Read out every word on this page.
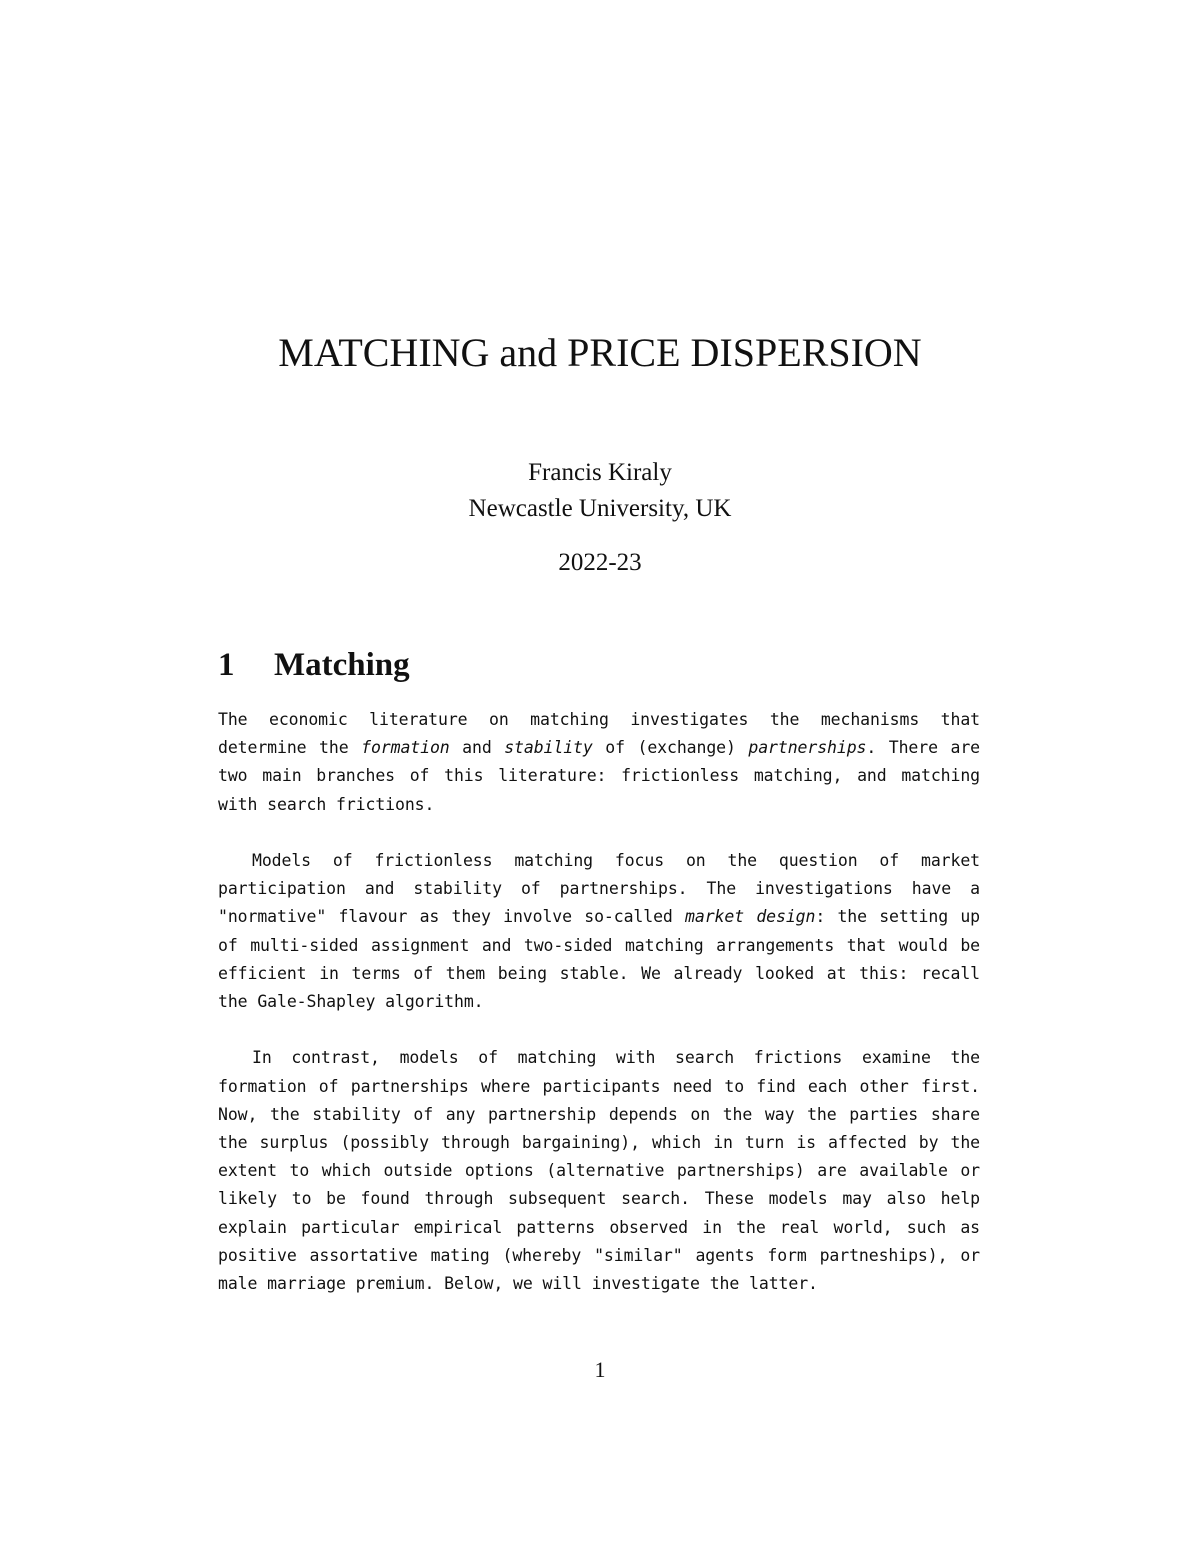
MATCHING and PRICE DISPERSION
Francis Kiraly
Newcastle University, UK
2022-23
1 Matching

The economic literature on matching investigates the mechanisms that determine the formation and stability of (exchange) partnerships. There are two main branches of this literature: frictionless matching, and matching with search frictions.

Models of frictionless matching focus on the question of market participation and stability of partnerships. The investigations have a "normative" flavour as they involve so-called market design: the setting up of multi-sided assignment and two-sided matching arrangements that would be efficient in terms of them being stable. We already looked at this: recall the Gale-Shapley algorithm.

In contrast, models of matching with search frictions examine the formation of partnerships where participants need to find each other first. Now, the stability of any partnership depends on the way the parties share the surplus (possibly through bargaining), which in turn is affected by the extent to which outside options (alternative partnerships) are available or likely to be found through subsequent search. These models may also help explain particular empirical patterns observed in the real world, such as positive assortative mating (whereby "similar" agents form partneships), or male marriage premium. Below, we will investigate the latter.

1
